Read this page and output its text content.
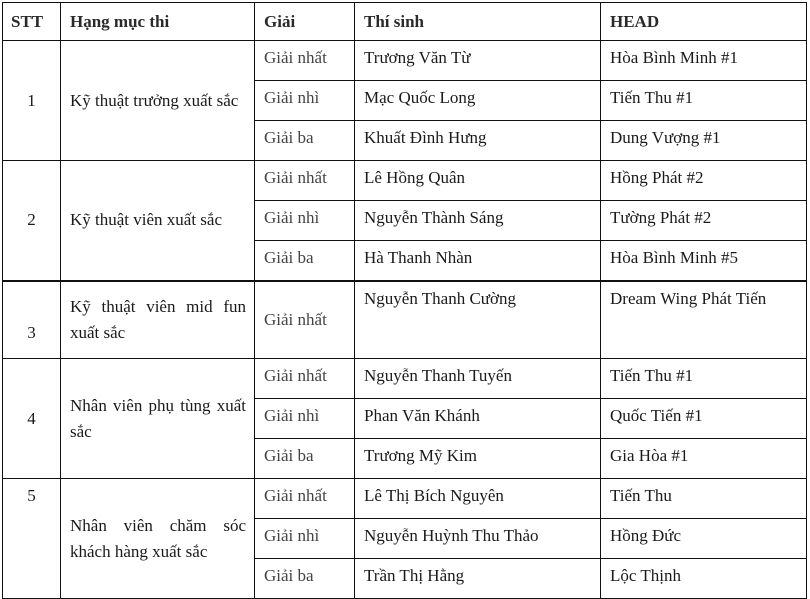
STT	Hạng mục thi	Giải	Thí sinh	HEAD
1	Kỹ thuật trưởng xuất sắc	Giải nhất	Trương Văn Từ	Hòa Bình Minh #1
		Giải nhì	Mạc Quốc Long	Tiến Thu #1
		Giải ba	Khuất Đình Hưng	Dung Vượng #1
2	Kỹ thuật viên xuất sắc	Giải nhất	Lê Hồng Quân	Hồng Phát #2
		Giải nhì	Nguyễn Thành Sáng	Tường Phát #2
		Giải ba	Hà Thanh Nhàn	Hòa Bình Minh #5
3	Kỹ thuật viên mid fun xuất sắc	Giải nhất	Nguyễn Thanh Cường	Dream Wing Phát Tiến
4	Nhân viên phụ tùng xuất sắc	Giải nhất	Nguyễn Thanh Tuyến	Tiến Thu #1
		Giải nhì	Phan Văn Khánh	Quốc Tiến #1
		Giải ba	Trương Mỹ Kim	Gia Hòa #1
5	Nhân viên chăm sóc khách hàng xuất sắc	Giải nhất	Lê Thị Bích Nguyên	Tiến Thu
		Giải nhì	Nguyễn Huỳnh Thu Thảo	Hồng Đức
		Giải ba	Trần Thị Hằng	Lộc Thịnh
